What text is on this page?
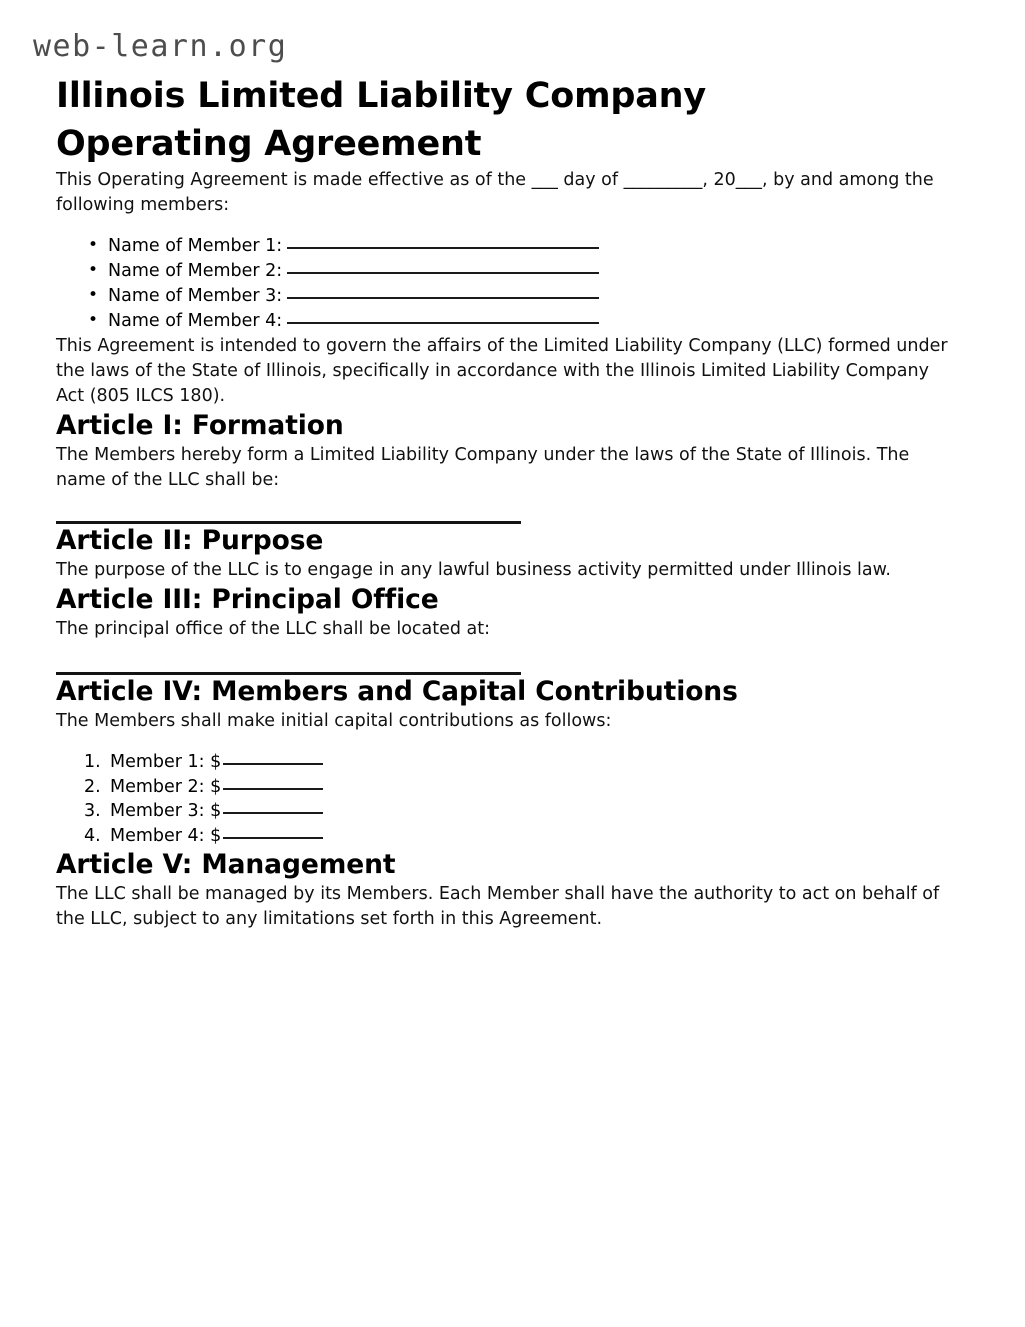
web-learn.org
Illinois Limited Liability Company Operating Agreement

This Operating Agreement is made effective as of the ___ day of _________, 20___, by and among the following members:

• Name of Member 1:
• Name of Member 2:
• Name of Member 3:
• Name of Member 4:

This Agreement is intended to govern the affairs of the Limited Liability Company (LLC) formed under the laws of the State of Illinois, specifically in accordance with the Illinois Limited Liability Company Act (805 ILCS 180).

Article I: Formation

The Members hereby form a Limited Liability Company under the laws of the State of Illinois. The name of the LLC shall be:

Article II: Purpose

The purpose of the LLC is to engage in any lawful business activity permitted under Illinois law.

Article III: Principal Office

The principal office of the LLC shall be located at:

Article IV: Members and Capital Contributions

The Members shall make initial capital contributions as follows:

Member 1: $
Member 2: $
Member 3: $
Member 4: $
Article V: Management

The LLC shall be managed by its Members. Each Member shall have the authority to act on behalf of the LLC, subject to any limitations set forth in this Agreement.
